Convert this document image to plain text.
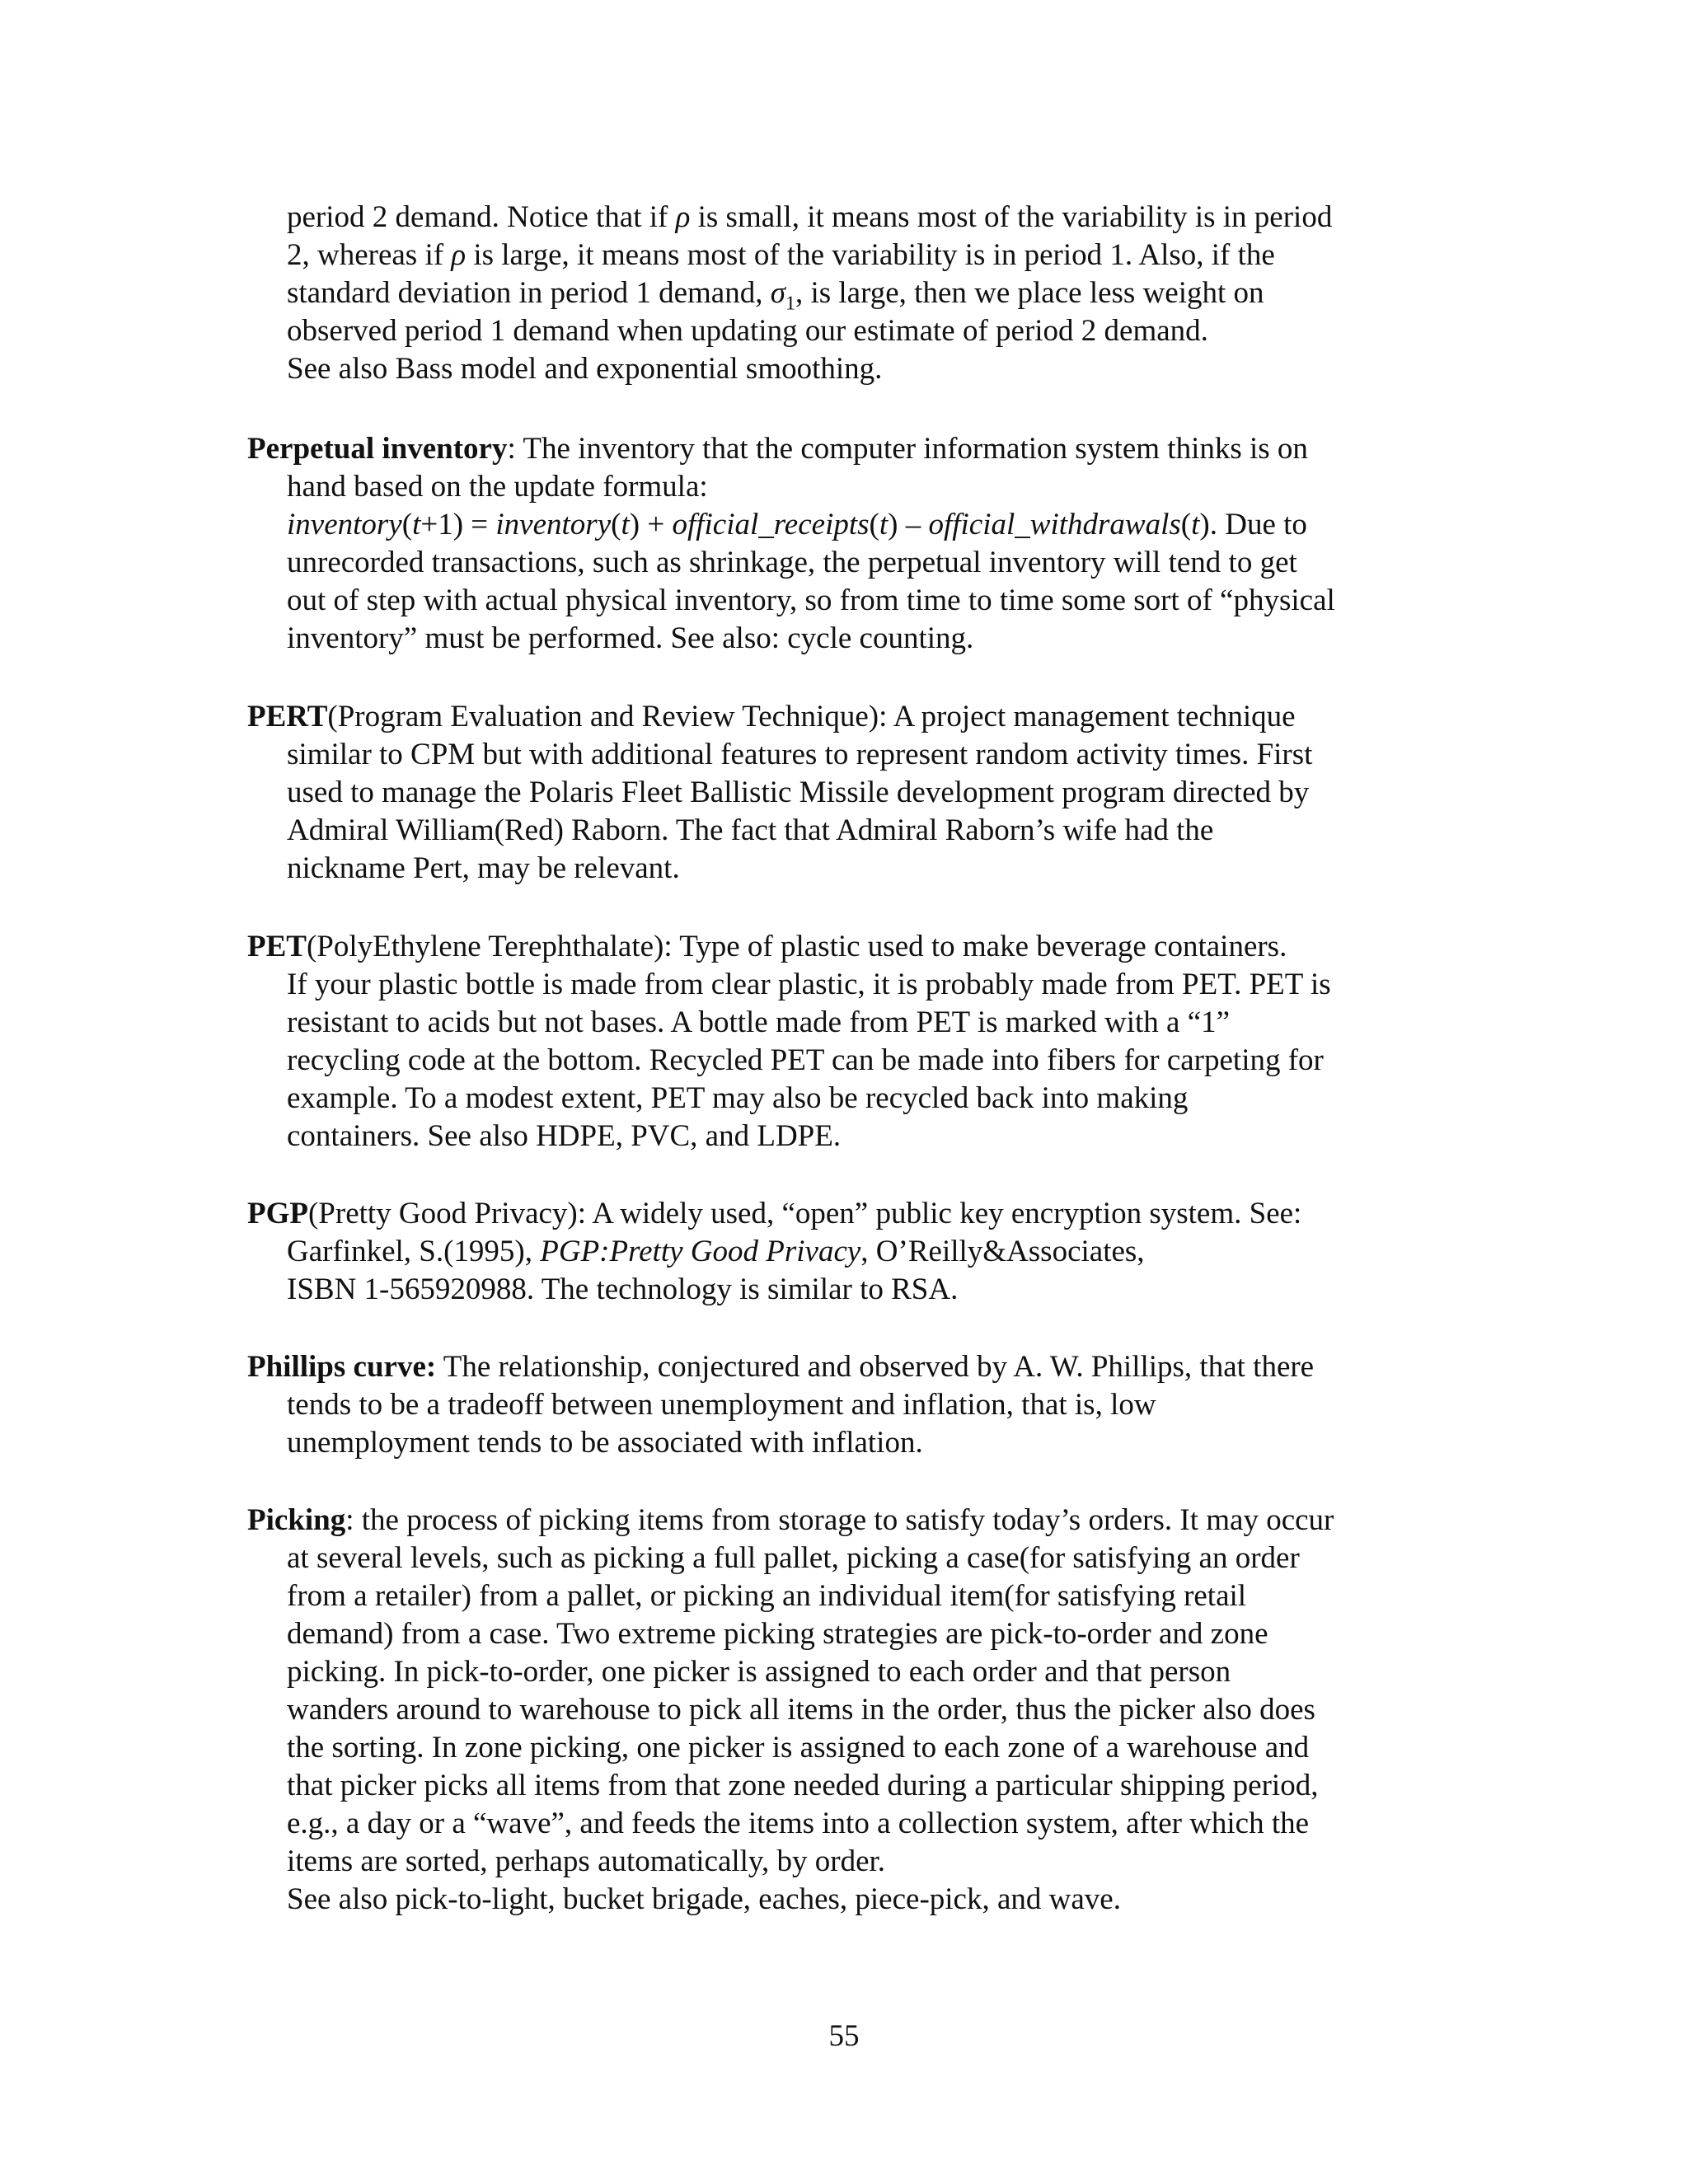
period 2 demand. Notice that if ρ is small, it means most of the variability is in period
2, whereas if ρ is large, it means most of the variability is in period 1. Also, if the
standard deviation in period 1 demand, $\sigma_1$, is large, then we place less weight on
observed period 1 demand when updating our estimate of period 2 demand.
See also Bass model and exponential smoothing.
Perpetual inventory: The inventory that the computer information system thinks is on
hand based on the update formula:
inventory(t+1) = inventory(t) + official_receipts(t) – official_withdrawals(t). Due to
unrecorded transactions, such as shrinkage, the perpetual inventory will tend to get
out of step with actual physical inventory, so from time to time some sort of “physical
inventory” must be performed. See also: cycle counting.
PERT(Program Evaluation and Review Technique): A project management technique
similar to CPM but with additional features to represent random activity times. First
used to manage the Polaris Fleet Ballistic Missile development program directed by
Admiral William(Red) Raborn. The fact that Admiral Raborn’s wife had the
nickname Pert, may be relevant.
PET(PolyEthylene Terephthalate): Type of plastic used to make beverage containers.
If your plastic bottle is made from clear plastic, it is probably made from PET. PET is
resistant to acids but not bases. A bottle made from PET is marked with a “1”
recycling code at the bottom. Recycled PET can be made into fibers for carpeting for
example. To a modest extent, PET may also be recycled back into making
containers. See also HDPE, PVC, and LDPE.
PGP(Pretty Good Privacy): A widely used, “open” public key encryption system. See:
Garfinkel, S.(1995), PGP:Pretty Good Privacy, O’Reilly&Associates,
ISBN 1-565920988. The technology is similar to RSA.
Phillips curve: The relationship, conjectured and observed by A. W. Phillips, that there
tends to be a tradeoff between unemployment and inflation, that is, low
unemployment tends to be associated with inflation.
Picking: the process of picking items from storage to satisfy today’s orders. It may occur
at several levels, such as picking a full pallet, picking a case(for satisfying an order
from a retailer) from a pallet, or picking an individual item(for satisfying retail
demand) from a case. Two extreme picking strategies are pick-to-order and zone
picking. In pick-to-order, one picker is assigned to each order and that person
wanders around to warehouse to pick all items in the order, thus the picker also does
the sorting. In zone picking, one picker is assigned to each zone of a warehouse and
that picker picks all items from that zone needed during a particular shipping period,
e.g., a day or a “wave”, and feeds the items into a collection system, after which the
items are sorted, perhaps automatically, by order.
See also pick-to-light, bucket brigade, eaches, piece-pick, and wave.
55
